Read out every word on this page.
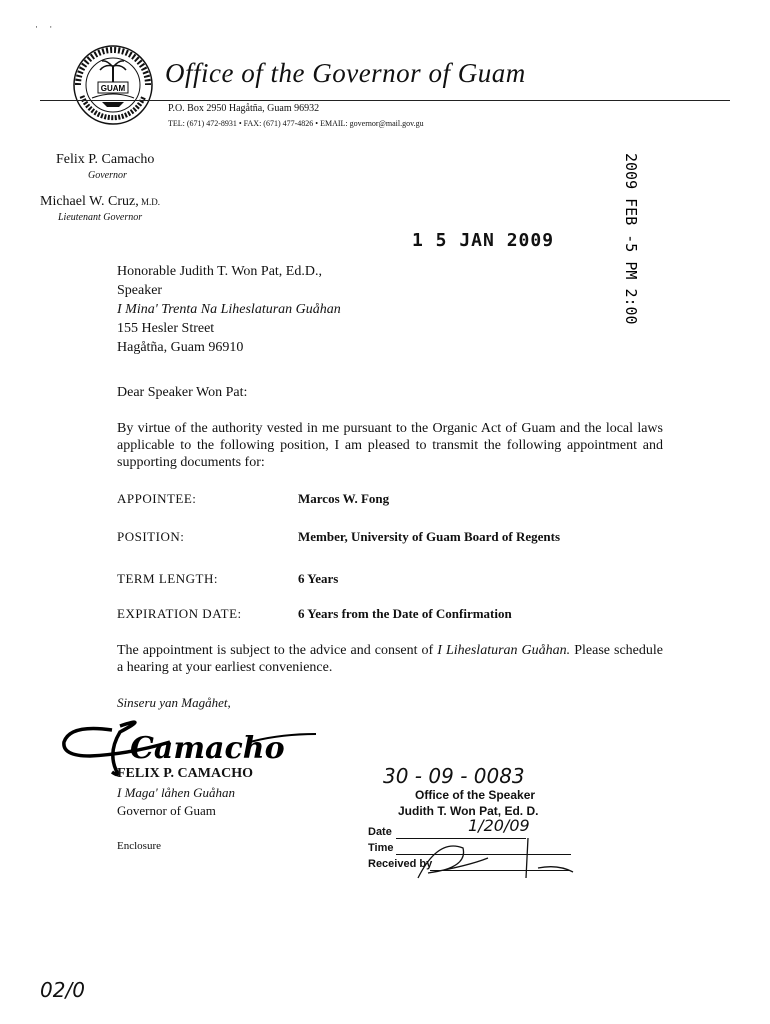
·     ·
GUAM
Office of the Governor of Guam
P.O. Box 2950 Hagåtña, Guam 96932
TEL: (671) 472-8931 • FAX: (671) 477-4826 • EMAIL: governor@mail.gov.gu
Felix P. Camacho
Governor
Michael W. Cruz, M.D.
Lieutenant Governor
1 5 JAN 2009	2009 FEB -5 PM 2:00
Honorable Judith T. Won Pat, Ed.D.,
Speaker
I Mina' Trenta Na Liheslaturan Guåhan
155 Hesler Street
Hagåtña, Guam 96910
Dear Speaker Won Pat:
By virtue of the authority vested in me pursuant to the Organic Act of Guam and the local laws applicable to the following position, I am pleased to transmit the following appointment and supporting documents for:
APPOINTEE:	Marcos W. Fong
POSITION:	Member, University of Guam Board of Regents
TERM LENGTH:	6 Years
EXPIRATION DATE:	6 Years from the Date of Confirmation
The appointment is subject to the advice and consent of I Liheslaturan Guåhan. Please schedule a hearing at your earliest convenience.
Sinseru yan Magåhet,
Camacho
FELIX P. CAMACHO
I Maga' låhen Guåhan
Governor of Guam
Enclosure
30 - 09 - 0083
Office of the Speaker
Judith T. Won Pat, Ed. D.
Date	1/20/09
Time
Received by
02/0
